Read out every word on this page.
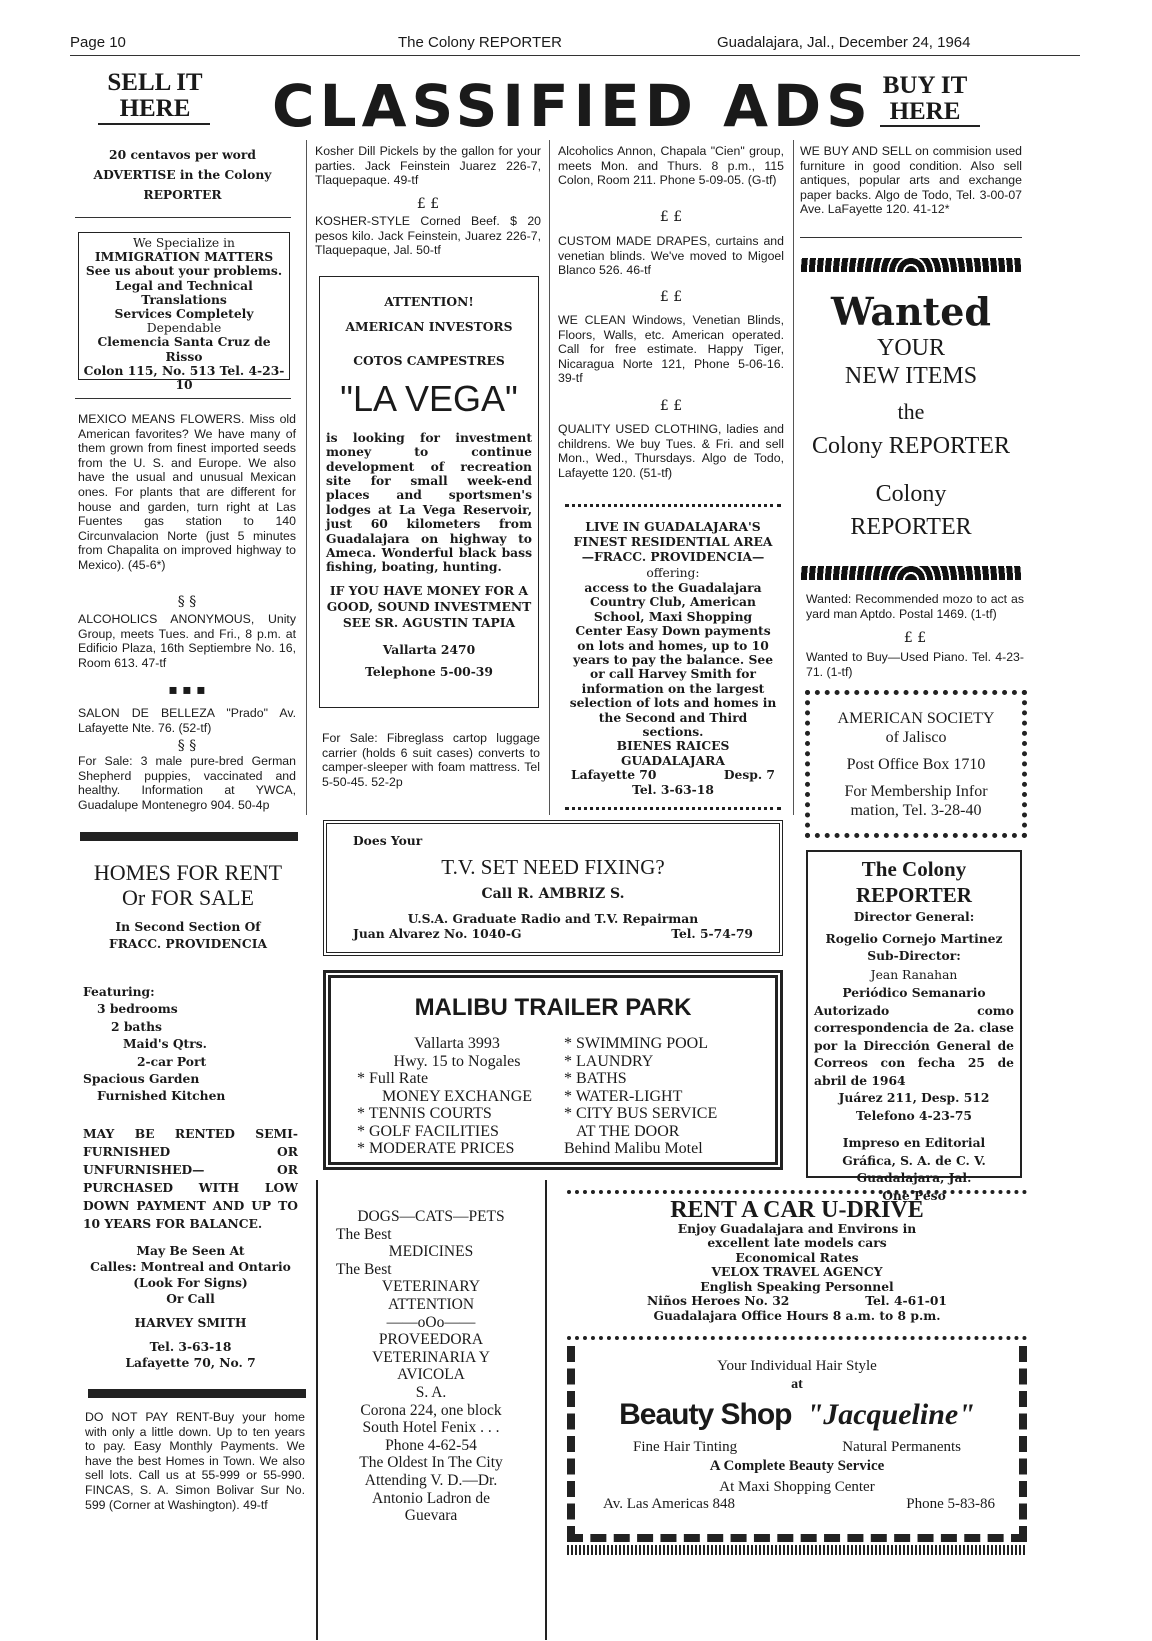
Page 10	The Colony REPORTER	Guadalajara, Jal., December 24, 1964
SELL IT
HERE	CLASSIFIED ADS BUY IT
HERE
20 centavos per word
ADVERTISE in the Colony
REPORTER
We Specialize in
IMMIGRATION MATTERS
See us about your problems.
Legal and Technical
Translations
Services Completely
Dependable
Clemencia Santa Cruz de
Risso
Colon 115, No. 513 Tel. 4-23-10
MEXICO MEANS FLOWERS. Miss old American favorites? We have many of them grown from finest imported seeds from the U. S. and Europe. We also have the usual and unusual Mexican ones. For plants that are different for house and garden, turn right at Las Fuentes gas station to 140 Circunvalacion Norte (just 5 minutes from Chapalita on improved highway to Mexico). (45-6*)
§ §
ALCOHOLICS ANONYMOUS, Unity Group, meets Tues. and Fri., 8 p.m. at Edificio Plaza, 16th Septiembre No. 16, Room 613. 47-tf
▪ ▪ ▪
SALON DE BELLEZA "Prado" Av. Lafayette Nte. 76. (52-tf)
§ §
For Sale: 3 male pure-bred German Shepherd puppies, vaccinated and healthy. Information at YWCA, Guadalupe Montenegro 904. 50-4p
HOMES FOR RENT
Or FOR SALE
In Second Section Of
FRACC. PROVIDENCIA
Featuring:
3 bedrooms
2 baths
Maid's Qtrs.
2-car Port
Spacious Garden
Furnished Kitchen
MAY BE RENTED SEMI-FURNISHED OR UNFURNISHED— OR PURCHASED WITH LOW DOWN PAYMENT AND UP TO 10 YEARS FOR BALANCE.
May Be Seen At
Calles: Montreal and Ontario
(Look For Signs)
Or Call
HARVEY SMITH
Tel. 3-63-18
Lafayette 70, No. 7
DO NOT PAY RENT-Buy your home with only a little down. Up to ten years to pay. Easy Monthly Payments. We have the best Homes in Town. We also sell lots. Call us at 55-999 or 55-990. FINCAS, S. A. Simon Bolivar Sur No. 599 (Corner at Washington). 49-tf
Kosher Dill Pickels by the gallon for your parties. Jack Feinstein Juarez 226-7, Tlaquepaque. 49-tf
£ £
KOSHER-STYLE Corned Beef. $ 20 pesos kilo. Jack Feinstein, Juarez 226-7, Tlaquepaque, Jal. 50-tf
ATTENTION!
AMERICAN INVESTORS
COTOS CAMPESTRES
"LA VEGA"
is looking for investment money to continue development of recreation site for small week-end places and sportsmen's lodges at La Vega Reservoir, just 60 kilometers from Guadalajara on highway to Ameca. Wonderful black bass fishing, boating, hunting.
IF YOU HAVE MONEY FOR A GOOD, SOUND INVESTMENT SEE SR. AGUSTIN TAPIA
Vallarta 2470
Telephone 5-00-39
For Sale: Fibreglass cartop luggage carrier (holds 6 suit cases) converts to camper-sleeper with foam mattress. Tel 5-50-45. 52-2p
Alcoholics Annon, Chapala "Cien" group, meets Mon. and Thurs. 8 p.m., 115 Colon, Room 211. Phone 5-09-05. (G-tf)
£ £
CUSTOM MADE DRAPES, curtains and venetian blinds. We've moved to Migoel Blanco 526. 46-tf
£ £
WE CLEAN Windows, Venetian Blinds, Floors, Walls, etc. American operated. Call for free estimate. Happy Tiger, Nicaragua Norte 121, Phone 5-06-16. 39-tf
£ £
QUALITY USED CLOTHING, ladies and childrens. We buy Tues. & Fri. and sell Mon., Wed., Thursdays. Algo de Todo, Lafayette 120. (51-tf)
LIVE IN GUADALAJARA'S
FINEST RESIDENTIAL AREA
—FRACC. PROVIDENCIA—
offering:
access to the Guadalajara Country Club, American School, Maxi Shopping Center Easy Down payments on lots and homes, up to 10 years to pay the balance. See or call Harvey Smith for information on the largest selection of lots and homes in the Second and Third sections.
BIENES RAICES
GUADALAJARA
Lafayette 70	Desp. 7
Tel. 3-63-18
WE BUY AND SELL on commision used furniture in good condition. Also sell antiques, popular arts and exchange paper backs. Algo de Todo, Tel. 3-00-07 Ave. LaFayette 120. 41-12*
Wanted
YOUR
NEW ITEMS
the
Colony REPORTER
Colony
REPORTER
Wanted: Recommended mozo to act as yard man Aptdo. Postal 1469. (1-tf)
£ £
Wanted to Buy—Used Piano. Tel. 4-23-71. (1-tf)
AMERICAN SOCIETY
of Jalisco
Post Office Box 1710
For Membership Infor
mation, Tel. 3-28-40
The Colony REPORTER
Director General:
Rogelio Cornejo Martinez
Sub-Director:
Jean Ranahan
Periódico Semanario
Autorizado como correspondencia de 2a. clase por la Dirección General de Correos con fecha 25 de abril de 1964
Juárez 211, Desp. 512
Telefono 4-23-75
Impreso en Editorial Gráfica, S. A. de C. V.
Guadalajara, Jal.
One Peso
Does Your
T.V. SET NEED FIXING?
Call R. AMBRIZ S.
U.S.A. Graduate Radio and T.V. Repairman
Juan Alvarez No. 1040-G	Tel. 5-74-79
MALIBU TRAILER PARK
Vallarta 3993
Hwy. 15 to Nogales
* Full Rate
MONEY EXCHANGE
* TENNIS COURTS
* GOLF FACILITIES
* MODERATE PRICES
* SWIMMING POOL
* LAUNDRY
* BATHS
* WATER-LIGHT
* CITY BUS SERVICE
AT THE DOOR
Behind Malibu Motel
DOGS—CATS—PETS
The Best
MEDICINES
The Best
VETERINARY
ATTENTION
——oOo——
PROVEEDORA
VETERINARIA Y
AVICOLA
S. A.
Corona 224, one block
South Hotel Fenix . . .
Phone 4-62-54
The Oldest In The City
Attending V. D.—Dr.
Antonio Ladron de
Guevara
RENT A CAR U-DRIVE
Enjoy Guadalajara and Environs in
excellent late models cars
Economical Rates
VELOX TRAVEL AGENCY
English Speaking Personnel
Niños Heroes No. 32	Tel. 4-61-01
Guadalajara Office Hours 8 a.m. to 8 p.m.
Your Individual Hair Style
at
Beauty Shop "Jacqueline"
Fine Hair Tinting	Natural Permanents
A Complete Beauty Service
At Maxi Shopping Center
Av. Las Americas 848	Phone 5-83-86
